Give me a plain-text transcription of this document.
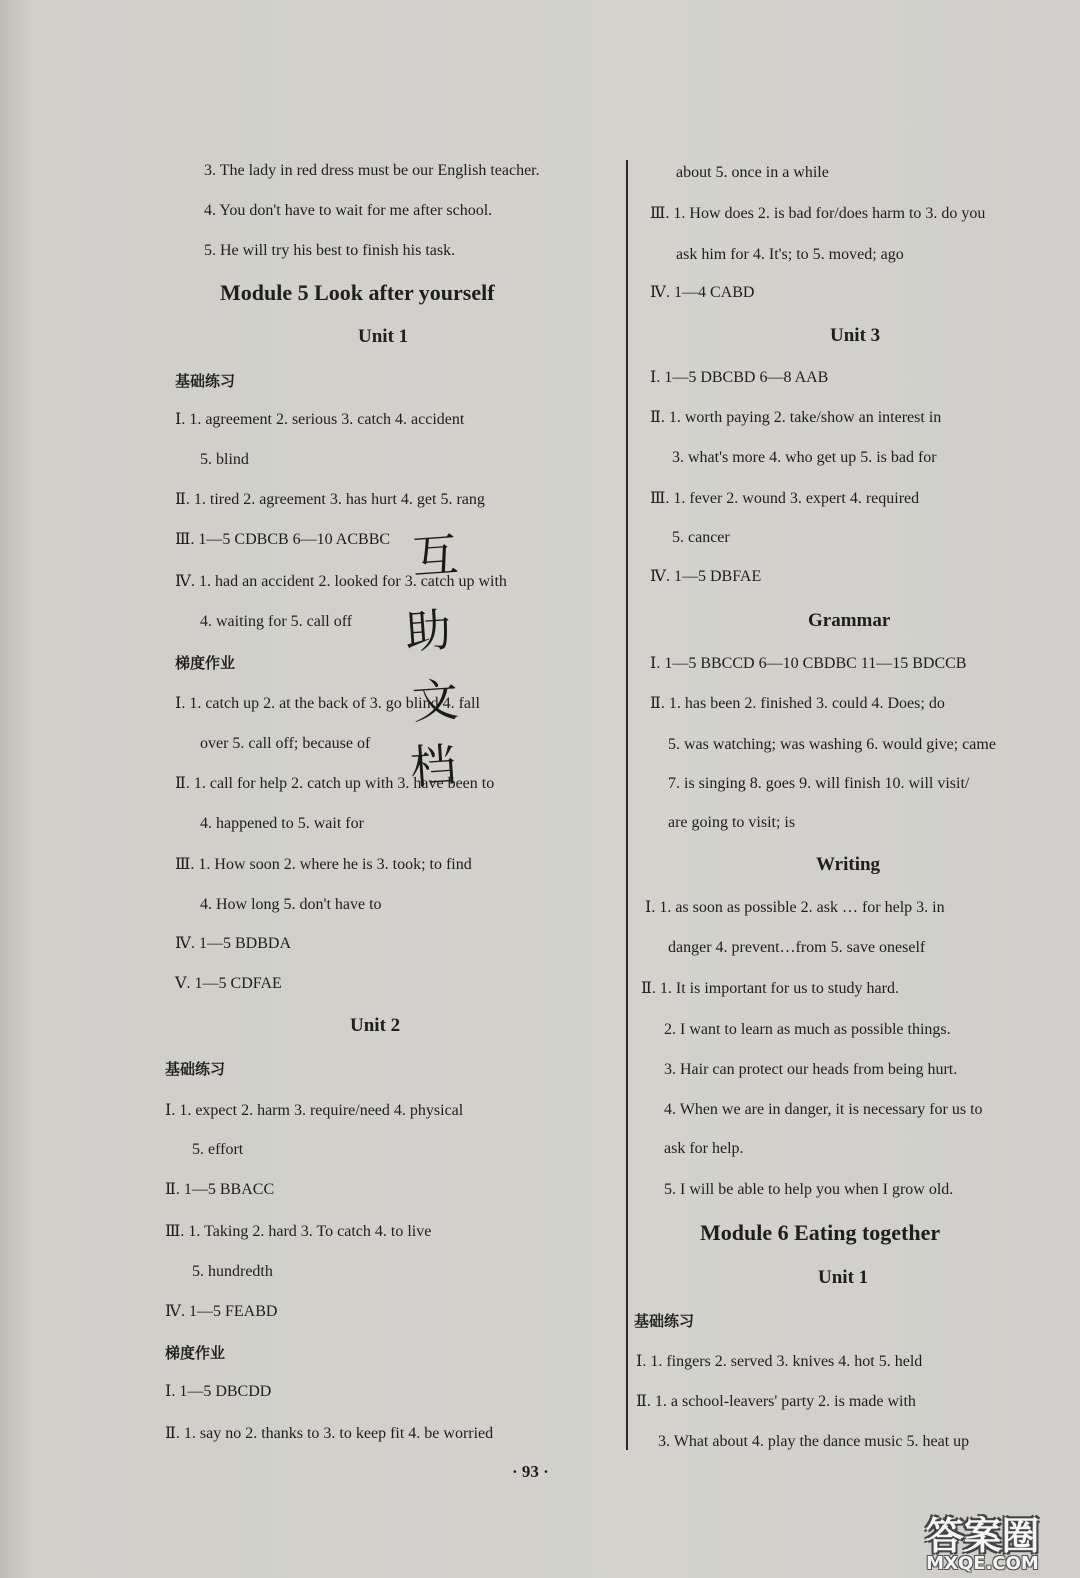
3. The lady in red dress must be our English teacher.
4. You don't have to wait for me after school.
5. He will try his best to finish his task.
Module 5 Look after yourself
Unit 1
基础练习
Ⅰ. 1. agreement 2. serious 3. catch 4. accident
5. blind
Ⅱ. 1. tired 2. agreement 3. has hurt 4. get 5. rang
Ⅲ. 1—5 CDBCB 6—10 ACBBC
Ⅳ. 1. had an accident 2. looked for 3. catch up with
4. waiting for 5. call off
梯度作业
Ⅰ. 1. catch up 2. at the back of 3. go blind 4. fall
over 5. call off; because of
Ⅱ. 1. call for help 2. catch up with 3. have been to
4. happened to 5. wait for
Ⅲ. 1. How soon 2. where he is 3. took; to find
4. How long 5. don't have to
Ⅳ. 1—5 BDBDA
Ⅴ. 1—5 CDFAE
Unit 2
基础练习
Ⅰ. 1. expect 2. harm 3. require/need 4. physical
5. effort
Ⅱ. 1—5 BBACC
Ⅲ. 1. Taking 2. hard 3. To catch 4. to live
5. hundredth
Ⅳ. 1—5 FEABD
梯度作业
Ⅰ. 1—5 DBCDD
Ⅱ. 1. say no 2. thanks to 3. to keep fit 4. be worried
互
助
文
档
about 5. once in a while
Ⅲ. 1. How does 2. is bad for/does harm to 3. do you
ask him for 4. It's; to 5. moved; ago
Ⅳ. 1—4 CABD
Unit 3
Ⅰ. 1—5 DBCBD 6—8 AAB
Ⅱ. 1. worth paying 2. take/show an interest in
3. what's more 4. who get up 5. is bad for
Ⅲ. 1. fever 2. wound 3. expert 4. required
5. cancer
Ⅳ. 1—5 DBFAE
Grammar
Ⅰ. 1—5 BBCCD 6—10 CBDBC 11—15 BDCCB
Ⅱ. 1. has been 2. finished 3. could 4. Does; do
5. was watching; was washing 6. would give; came
7. is singing 8. goes 9. will finish 10. will visit/
are going to visit; is
Writing
Ⅰ. 1. as soon as possible 2. ask … for help 3. in
danger 4. prevent…from 5. save oneself
Ⅱ. 1. It is important for us to study hard.
2. I want to learn as much as possible things.
3. Hair can protect our heads from being hurt.
4. When we are in danger, it is necessary for us to
ask for help.
5. I will be able to help you when I grow old.
Module 6 Eating together
Unit 1
基础练习
Ⅰ. 1. fingers 2. served 3. knives 4. hot 5. held
Ⅱ. 1. a school-leavers' party 2. is made with
3. What about 4. play the dance music 5. heat up
· 93 ·
答案圈
MXQE.COM
